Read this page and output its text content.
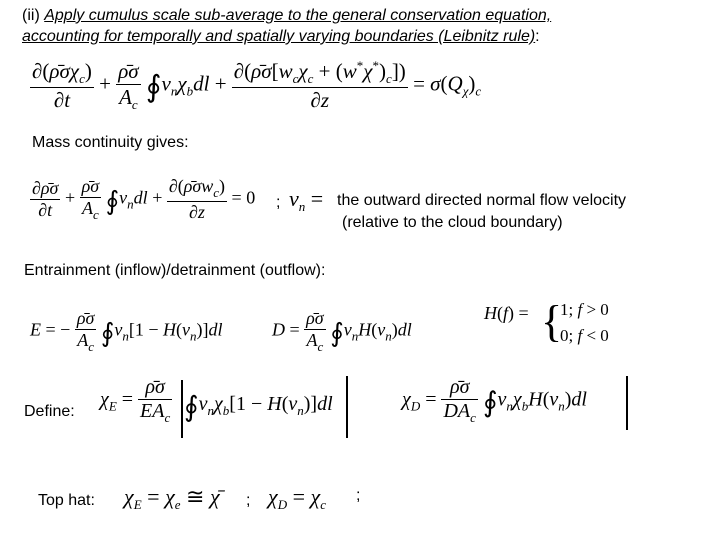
(ii) Apply cumulus scale sub-average to the general conservation equation,
accounting for temporally and spatially varying boundaries (Leibnitz rule):
$\frac{\partial(\rhō\sigma\chi_c)}{\partial t} + \frac{\rhō\sigma}{A_c}$ $∮v_n\chi_bdl + \frac{\partial(\rhō\sigma[w_c\chi_c + (w^*\chi^*)_c])}{\partial z} = \sigma(Q_\chi)_c$
Mass continuity gives:
$\frac{\partial\rhō\sigma}{\partial t} + \frac{\rhō\sigma}{A_c}$ $∮v_ndl + \frac{\partial(\rhō\sigma w_c)}{\partial z} = 0$ ; $v_n$ = the outward directed normal flow velocity
(relative to the cloud boundary)
Entrainment (inflow)/detrainment (outflow):
E = − $\frac{\rhō\sigma}{A_c}$ $∮v_n[1 - H(v_n)]dl$	$D = \frac{\rhō\sigma}{A_c}$ $∮v_nH(v_n)dl$
H(f) = {
1; f > 0
0; f < 0
Define:
$\chi_E = \frac{\rhō\sigma}{EA_c}$ $∮v_n\chi_b[1 - H(v_n)]dl$	$\chi_D = \frac{\rhō\sigma}{DA_c}$ $∮v_n\chi_bH(v_n)dl$
Top hat: $\chi_E = \chi_e$ ≅ χ̄ ; $\chi_D = \chi_c$
;
